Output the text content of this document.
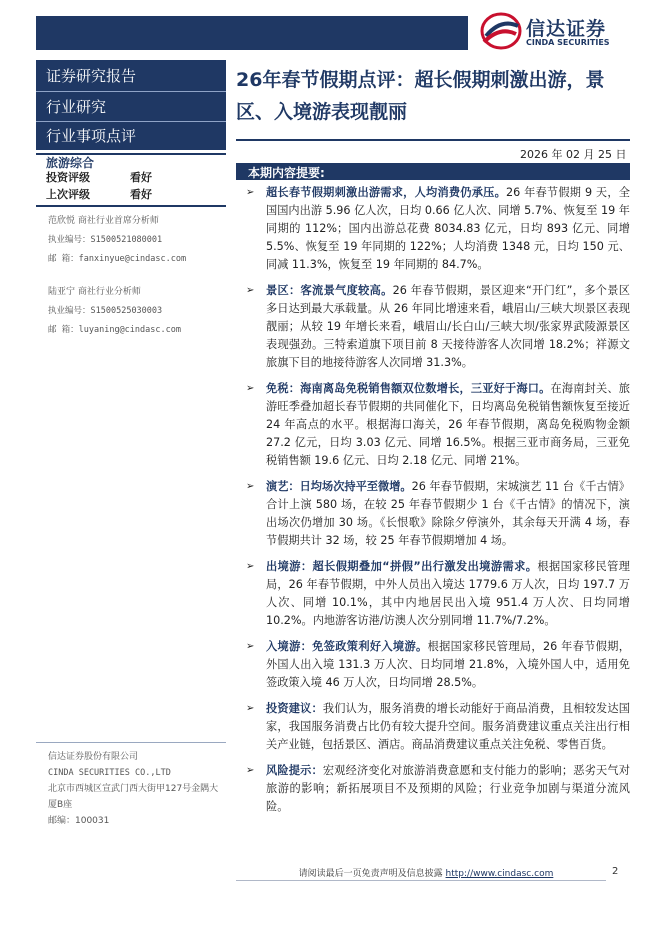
信达证券
CINDA SECURITIES
证券研究报告
行业研究
行业事项点评
旅游综合
投资评级	看好
上次评级	看好
范欣悦 商社行业首席分析师
执业编号：S1500521080001
邮 箱：fanxinyue@cindasc.com
陆亚宁 商社行业分析师
执业编号：S1500525030003
邮 箱：luyaning@cindasc.com
信达证券股份有限公司
CINDA SECURITIES CO.,LTD
北京市西城区宣武门西大街甲127号金隅大厦B座
邮编：100031
26年春节假期点评：超长假期刺激出游，景区、入境游表现靓丽
2026 年 02 月 25 日
本期内容提要:
➢ 超长春节假期刺激出游需求，人均消费仍承压。26 年春节假期 9 天，全国国内出游 5.96 亿人次，日均 0.66 亿人次、同增 5.7%、恢复至 19 年同期的 112%；国内出游总花费 8034.83 亿元，日均 893 亿元、同增 5.5%、恢复至 19 年同期的 122%；人均消费 1348 元，日均 150 元、同减 11.3%，恢复至 19 年同期的 84.7%。
➢ 景区：客流景气度较高。26 年春节假期，景区迎来“开门红”，多个景区多日达到最大承载量。从 26 年同比增速来看，峨眉山/三峡大坝景区表现靓丽；从较 19 年增长来看，峨眉山/长白山/三峡大坝/张家界武陵源景区表现强劲。三特索道旗下项目前 8 天接待游客人次同增 18.2%；祥源文旅旗下目的地接待游客人次同增 31.3%。
➢ 免税：海南离岛免税销售额双位数增长，三亚好于海口。在海南封关、旅游旺季叠加超长春节假期的共同催化下，日均离岛免税销售额恢复至接近 24 年高点的水平。根据海口海关，26 年春节假期，离岛免税购物金额 27.2 亿元，日均 3.03 亿元、同增 16.5%。根据三亚市商务局，三亚免税销售额 19.6 亿元、日均 2.18 亿元、同增 21%。
➢ 演艺：日均场次持平至微增。26 年春节假期，宋城演艺 11 台《千古情》合计上演 580 场，在较 25 年春节假期少 1 台《千古情》的情况下，演出场次仍增加 30 场。《长恨歌》除除夕停演外，其余每天开满 4 场，春节假期共计 32 场，较 25 年春节假期增加 4 场。
➢ 出境游：超长假期叠加“拼假”出行激发出境游需求。根据国家移民管理局，26 年春节假期，中外人员出入境达 1779.6 万人次，日均 197.7 万人次、同增 10.1%，其中内地居民出入境 951.4 万人次、日均同增 10.2%。内地游客访港/访澳人次分别同增 11.7%/7.2%。
➢ 入境游：免签政策利好入境游。根据国家移民管理局，26 年春节假期，外国人出入境 131.3 万人次、日均同增 21.8%，入境外国人中，适用免签政策入境 46 万人次，日均同增 28.5%。
➢ 投资建议：我们认为，服务消费的增长动能好于商品消费，且相较发达国家，我国服务消费占比仍有较大提升空间。服务消费建议重点关注出行相关产业链，包括景区、酒店。商品消费建议重点关注免税、零售百货。
➢ 风险提示：宏观经济变化对旅游消费意愿和支付能力的影响；恶劣天气对旅游的影响；新拓展项目不及预期的风险；行业竞争加剧与渠道分流风险。
请阅读最后一页免责声明及信息披露 http://www.cindasc.com	2
